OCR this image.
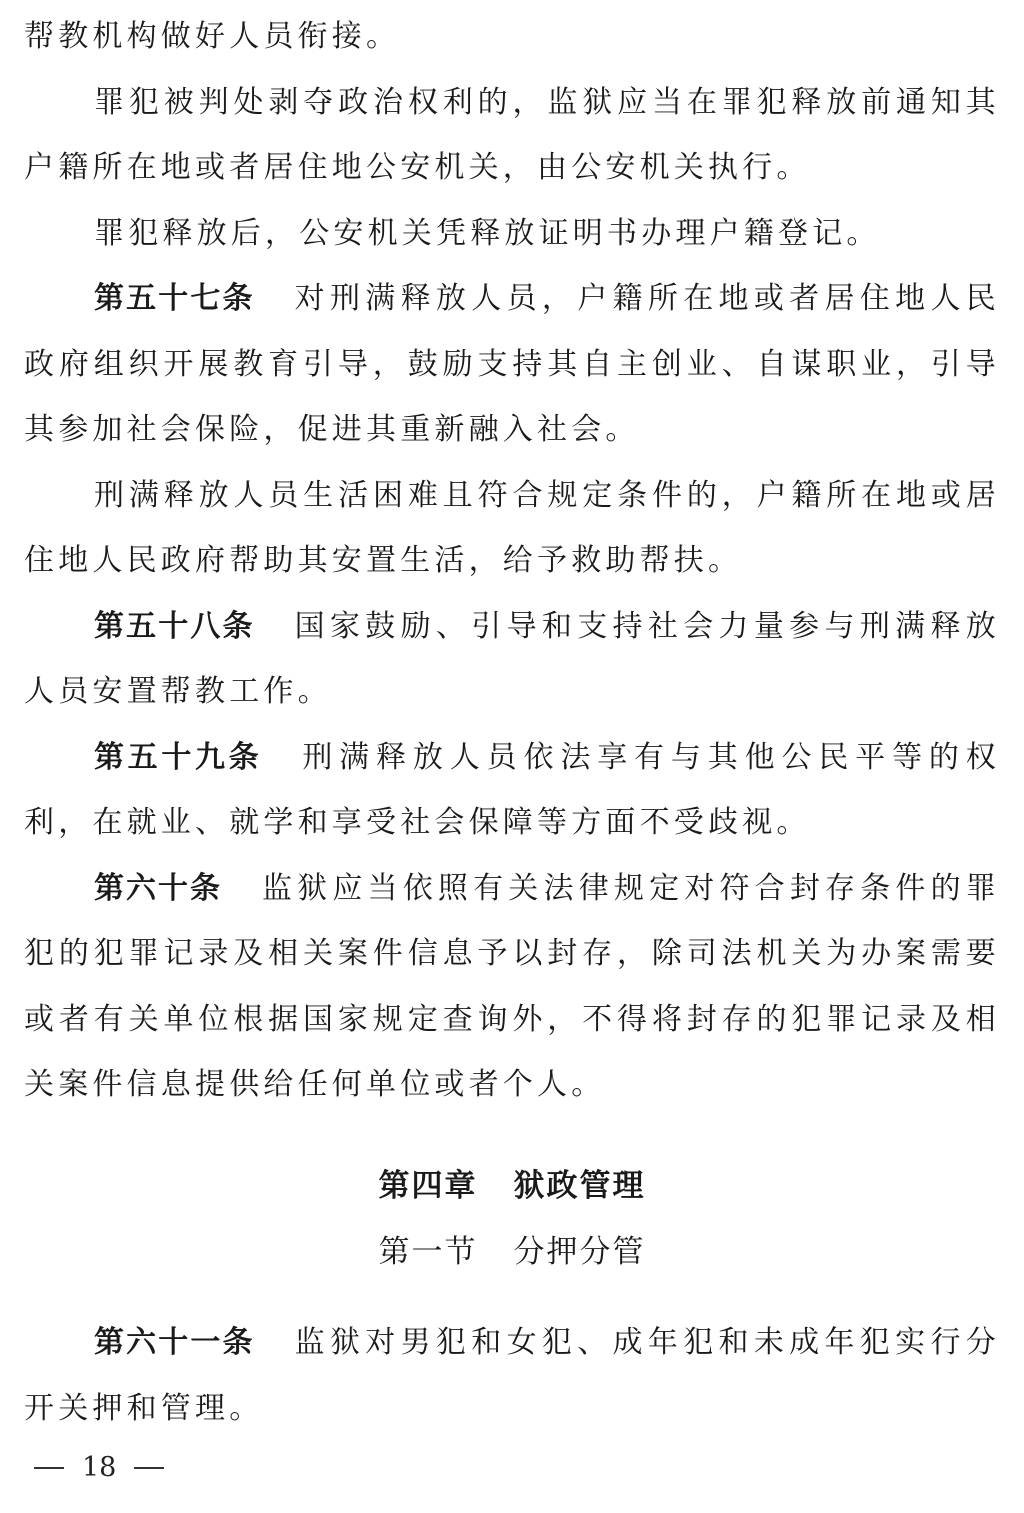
帮教机构做好人员衔接。

罪犯被判处剥夺政治权利的，监狱应当在罪犯释放前通知其户籍所在地或者居住地公安机关，由公安机关执行。

罪犯释放后，公安机关凭释放证明书办理户籍登记。

第五十七条 对刑满释放人员，户籍所在地或者居住地人民政府组织开展教育引导，鼓励支持其自主创业、自谋职业，引导其参加社会保险，促进其重新融入社会。

刑满释放人员生活困难且符合规定条件的，户籍所在地或居住地人民政府帮助其安置生活，给予救助帮扶。

第五十八条 国家鼓励、引导和支持社会力量参与刑满释放人员安置帮教工作。

第五十九条 刑满释放人员依法享有与其他公民平等的权利，在就业、就学和享受社会保障等方面不受歧视。

第六十条 监狱应当依照有关法律规定对符合封存条件的罪犯的犯罪记录及相关案件信息予以封存，除司法机关为办案需要或者有关单位根据国家规定查询外，不得将封存的犯罪记录及相关案件信息提供给任何单位或者个人。

第四章 狱政管理

第一节 分押分管

第六十一条 监狱对男犯和女犯、成年犯和未成年犯实行分开关押和管理。

18
